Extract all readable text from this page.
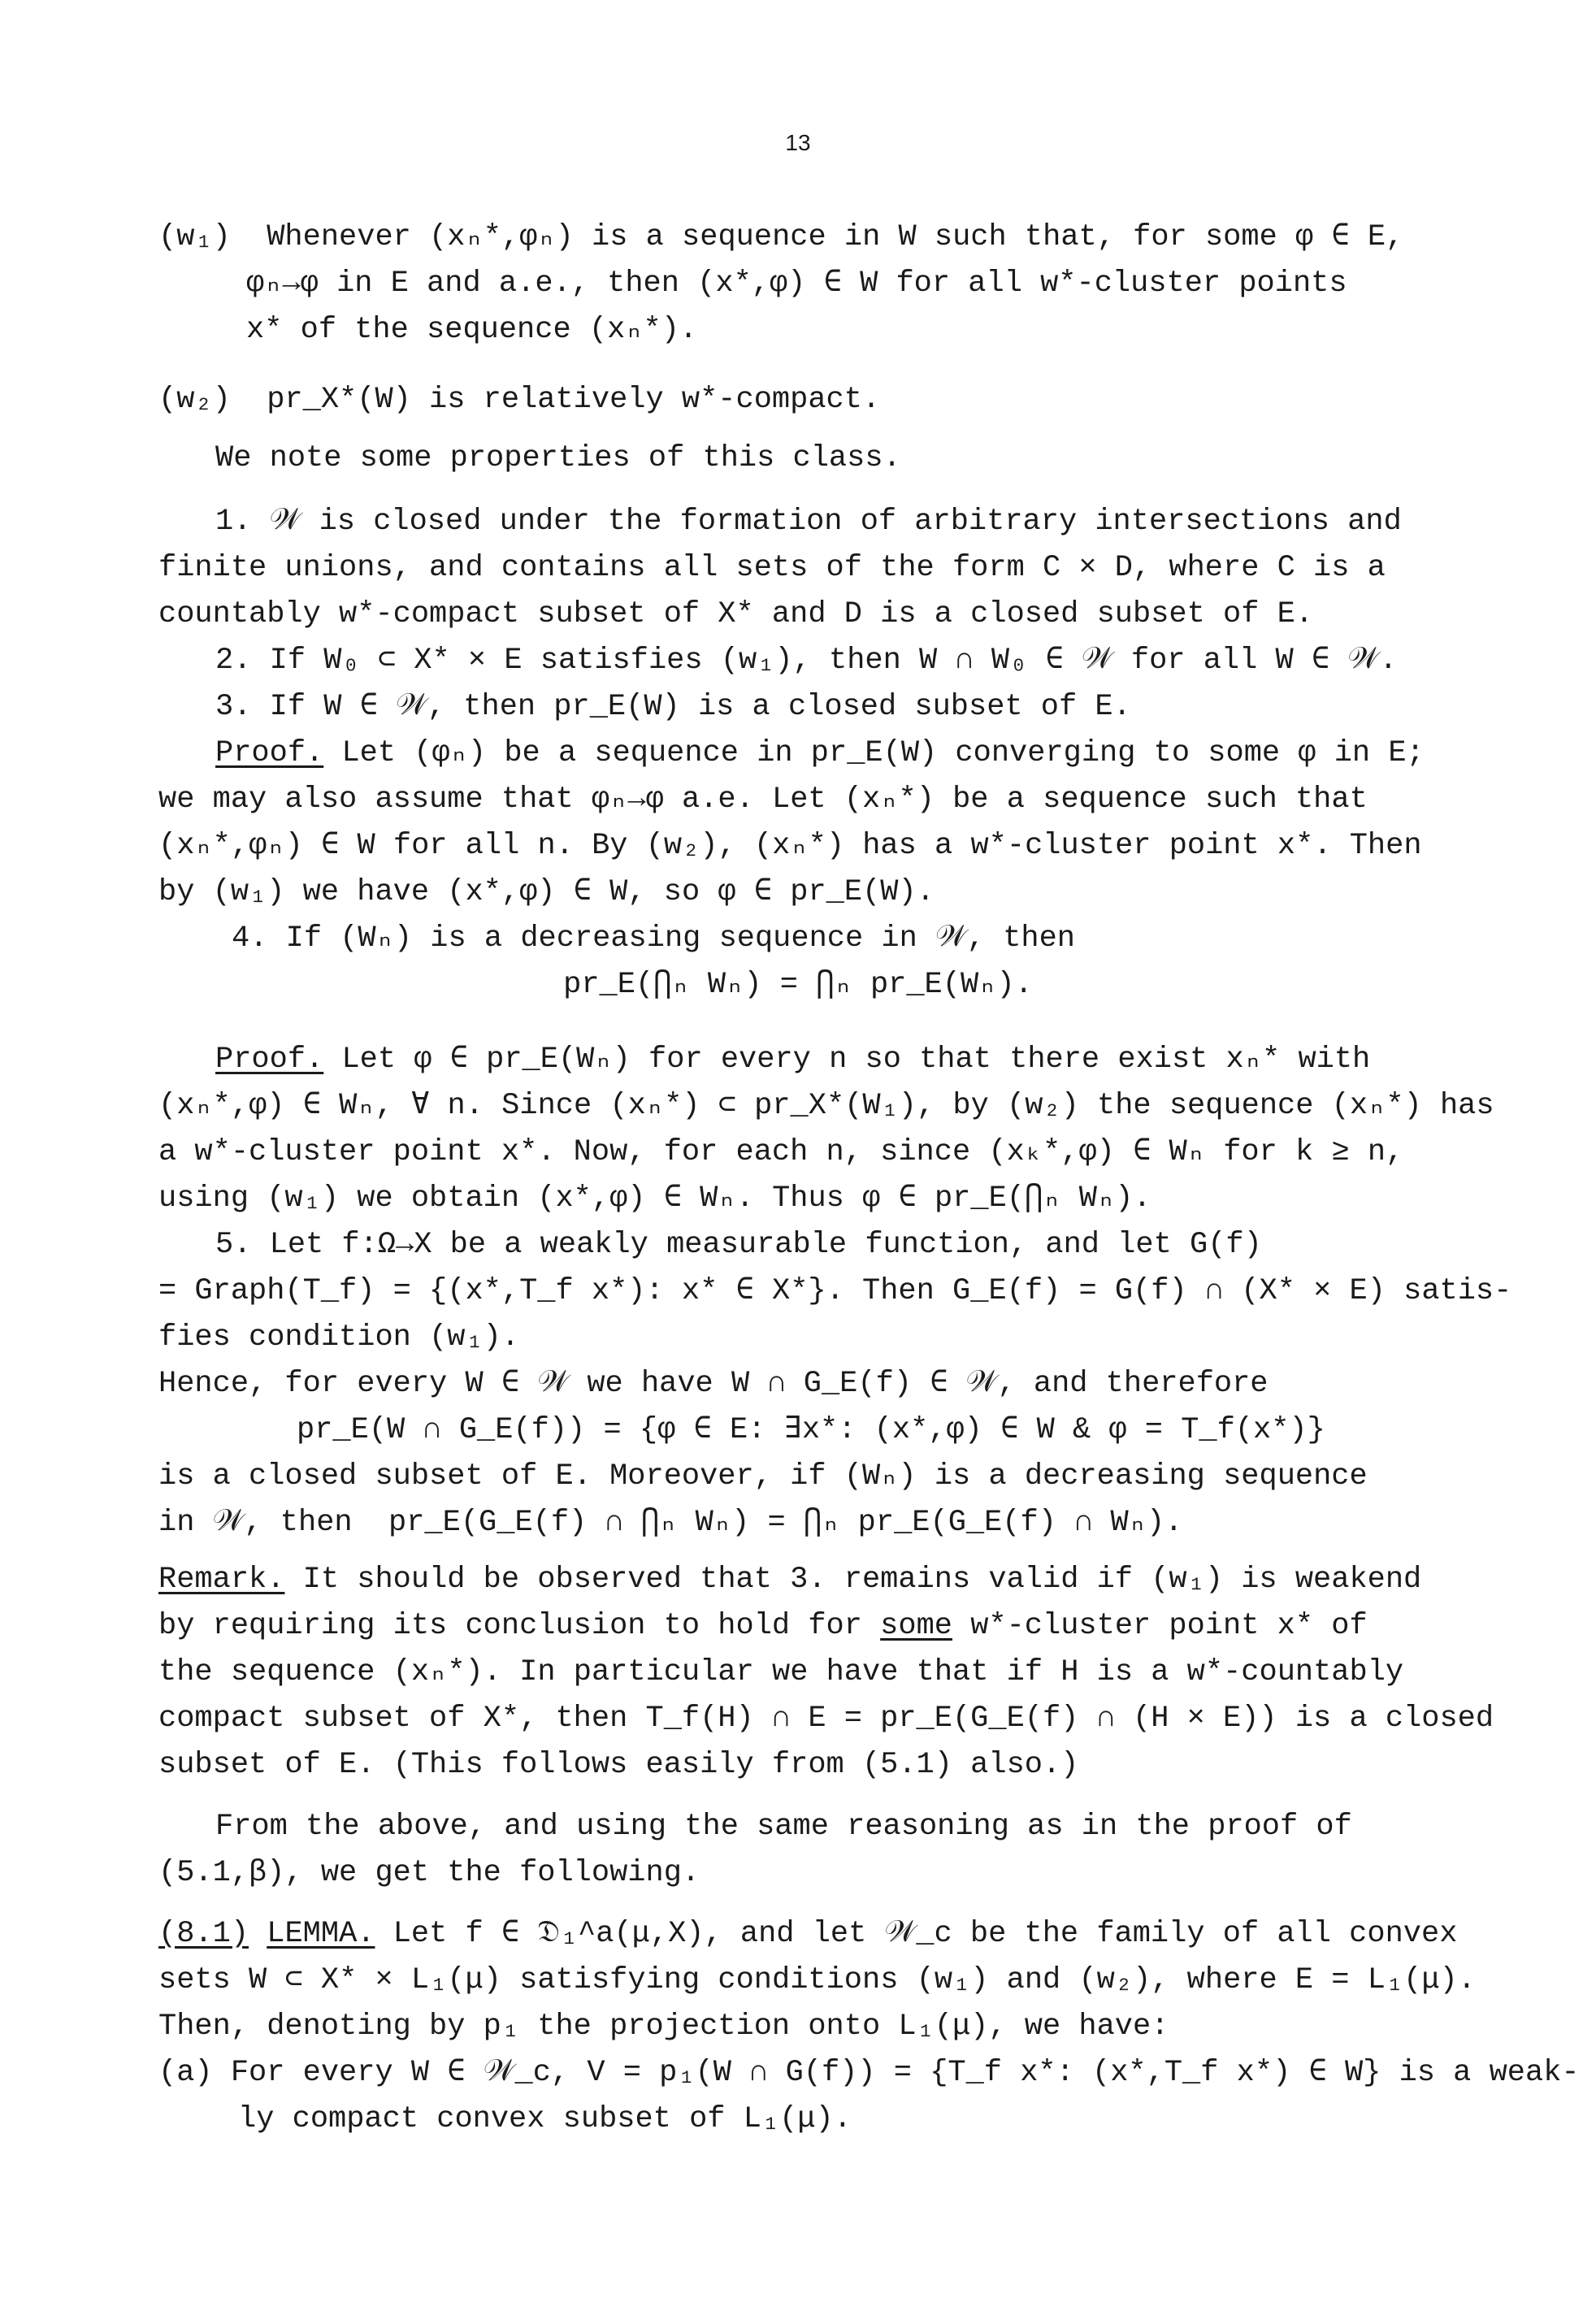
13
(w₁)  Whenever (xₙ*,φₙ) is a sequence in W such that, for some φ ∈ E,
φₙ→φ in E and a.e., then (x*,φ) ∈ W for all w*-cluster points
x* of the sequence (xₙ*).
(w₂)  pr_X*(W) is relatively w*-compact.
We note some properties of this class.
1. 𝒲 is closed under the formation of arbitrary intersections and
finite unions, and contains all sets of the form C × D, where C is a
countably w*-compact subset of X* and D is a closed subset of E.
2. If W₀ ⊂ X* × E satisfies (w₁), then W ∩ W₀ ∈ 𝒲 for all W ∈ 𝒲.
3. If W ∈ 𝒲, then pr_E(W) is a closed subset of E.
Proof. Let (φₙ) be a sequence in pr_E(W) converging to some φ in E;
we may also assume that φₙ→φ a.e. Let (xₙ*) be a sequence such that
(xₙ*,φₙ) ∈ W for all n. By (w₂), (xₙ*) has a w*-cluster point x*. Then
by (w₁) we have (x*,φ) ∈ W, so φ ∈ pr_E(W).
4. If (Wₙ) is a decreasing sequence in 𝒲, then
pr_E(⋂ₙ Wₙ) = ⋂ₙ pr_E(Wₙ).
Proof. Let φ ∈ pr_E(Wₙ) for every n so that there exist xₙ* with
(xₙ*,φ) ∈ Wₙ, ∀ n. Since (xₙ*) ⊂ pr_X*(W₁), by (w₂) the sequence (xₙ*) has
a w*-cluster point x*. Now, for each n, since (xₖ*,φ) ∈ Wₙ for k ≥ n,
using (w₁) we obtain (x*,φ) ∈ Wₙ. Thus φ ∈ pr_E(⋂ₙ Wₙ).
5. Let f:Ω→X be a weakly measurable function, and let G(f)
= Graph(T_f) = {(x*,T_f x*): x* ∈ X*}. Then G_E(f) = G(f) ∩ (X* × E) satis-
fies condition (w₁).
Hence, for every W ∈ 𝒲 we have W ∩ G_E(f) ∈ 𝒲, and therefore
pr_E(W ∩ G_E(f)) = {φ ∈ E: ∃x*: (x*,φ) ∈ W & φ = T_f(x*)}
is a closed subset of E. Moreover, if (Wₙ) is a decreasing sequence
in 𝒲, then  pr_E(G_E(f) ∩ ⋂ₙ Wₙ) = ⋂ₙ pr_E(G_E(f) ∩ Wₙ).
Remark. It should be observed that 3. remains valid if (w₁) is weakend
by requiring its conclusion to hold for some w*-cluster point x* of
the sequence (xₙ*). In particular we have that if H is a w*-countably
compact subset of X*, then T_f(H) ∩ E = pr_E(G_E(f) ∩ (H × E)) is a closed
subset of E. (This follows easily from (5.1) also.)
From the above, and using the same reasoning as in the proof of
(5.1,β), we get the following.
(8.1) LEMMA. Let f ∈ 𝔇₁^a(μ,X), and let 𝒲_c be the family of all convex
sets W ⊂ X* × L₁(μ) satisfying conditions (w₁) and (w₂), where E = L₁(μ).
Then, denoting by p₁ the projection onto L₁(μ), we have:
(a) For every W ∈ 𝒲_c, V = p₁(W ∩ G(f)) = {T_f x*: (x*,T_f x*) ∈ W} is a weak-
ly compact convex subset of L₁(μ).
